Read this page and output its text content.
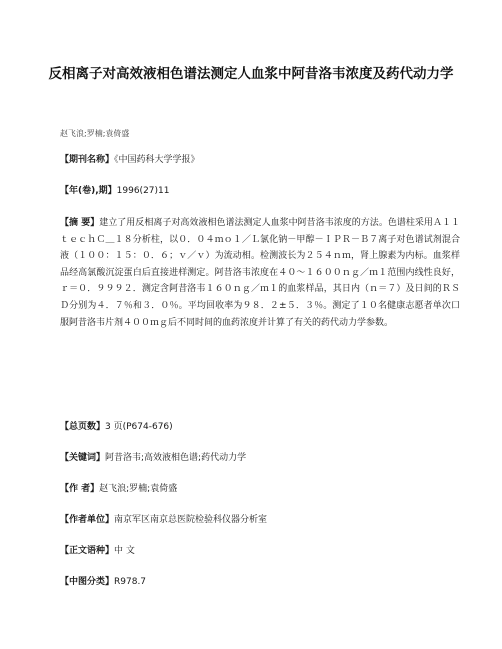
反相离子对高效液相色谱法测定人血浆中阿昔洛韦浓度及药代动力学
赵飞浪;罗楠;袁倚盛
【期刊名称】《中国药科大学学报》
【年(卷),期】1996(27)11
【摘 要】建立了用反相离子对高效液相色谱法测定人血浆中阿昔洛韦浓度的方法。色谱柱采用Ａ１１ｔｅｃｈＣ＿１８分析柱，以０．０４ｍｏ１／Ｌ氯化钠－甲醇－ＩＰＲ－Ｂ７离子对色谱试剂混合液（１００：１５：０．６；ｖ／ｖ）为流动相。检测波长为２５４ｎｍ，肾上腺素为内标。血浆样品经高氯酸沉淀蛋白后直接进样测定。阿昔洛韦浓度在４０～１６００ｎｇ／ｍ１范围内线性良好，ｒ＝０．９９９２．测定含阿昔洛韦１６０ｎｇ／ｍ１的血浆样品，其日内（ｎ＝７）及日间的ＲＳＤ分别为４．７％和３．０％。平均回收率为９８．２±５．３％。测定了１０名健康志愿者单次口服阿昔洛韦片剂４００ｍｇ后不同时间的血药浓度并计算了有关的药代动力学参数。
【总页数】3 页(P674-676)
【关键词】阿昔洛韦;高效液相色谱;药代动力学
【作 者】赵飞浪;罗楠;袁倚盛
【作者单位】南京军区南京总医院检验科仪器分析室
【正文语种】中 文
【中图分类】R978.7
